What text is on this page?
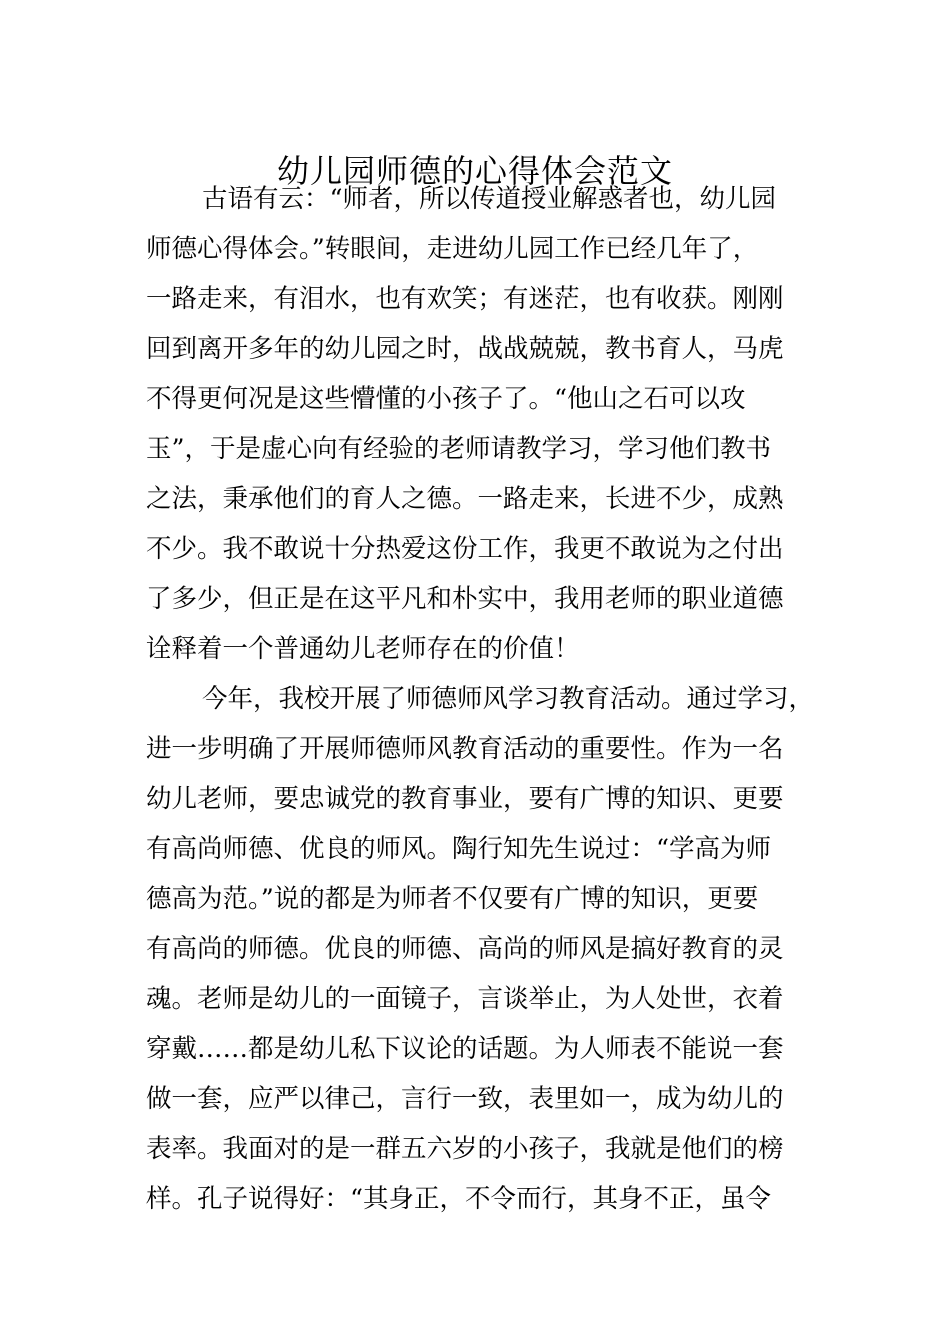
幼儿园师德的心得体会范文
古语有云：“师者，所以传道授业解惑者也，幼儿园
师德心得体会。”转眼间，走进幼儿园工作已经几年了，
一路走来，有泪水，也有欢笑；有迷茫，也有收获。刚刚
回到离开多年的幼儿园之时，战战兢兢，教书育人，马虎
不得更何况是这些懵懂的小孩子了。“他山之石可以攻
玉”，于是虚心向有经验的老师请教学习，学习他们教书
之法，秉承他们的育人之德。一路走来，长进不少，成熟
不少。我不敢说十分热爱这份工作，我更不敢说为之付出
了多少，但正是在这平凡和朴实中，我用老师的职业道德
诠释着一个普通幼儿老师存在的价值！
今年，我校开展了师德师风学习教育活动。通过学习，
进一步明确了开展师德师风教育活动的重要性。作为一名
幼儿老师，要忠诚党的教育事业，要有广博的知识、更要
有高尚师德、优良的师风。陶行知先生说过：“学高为师
德高为范。”说的都是为师者不仅要有广博的知识，更要
有高尚的师德。优良的师德、高尚的师风是搞好教育的灵
魂。老师是幼儿的一面镜子，言谈举止，为人处世，衣着
穿戴……都是幼儿私下议论的话题。为人师表不能说一套
做一套，应严以律己，言行一致，表里如一，成为幼儿的
表率。我面对的是一群五六岁的小孩子，我就是他们的榜
样。孔子说得好：“其身正，不令而行，其身不正，虽令
